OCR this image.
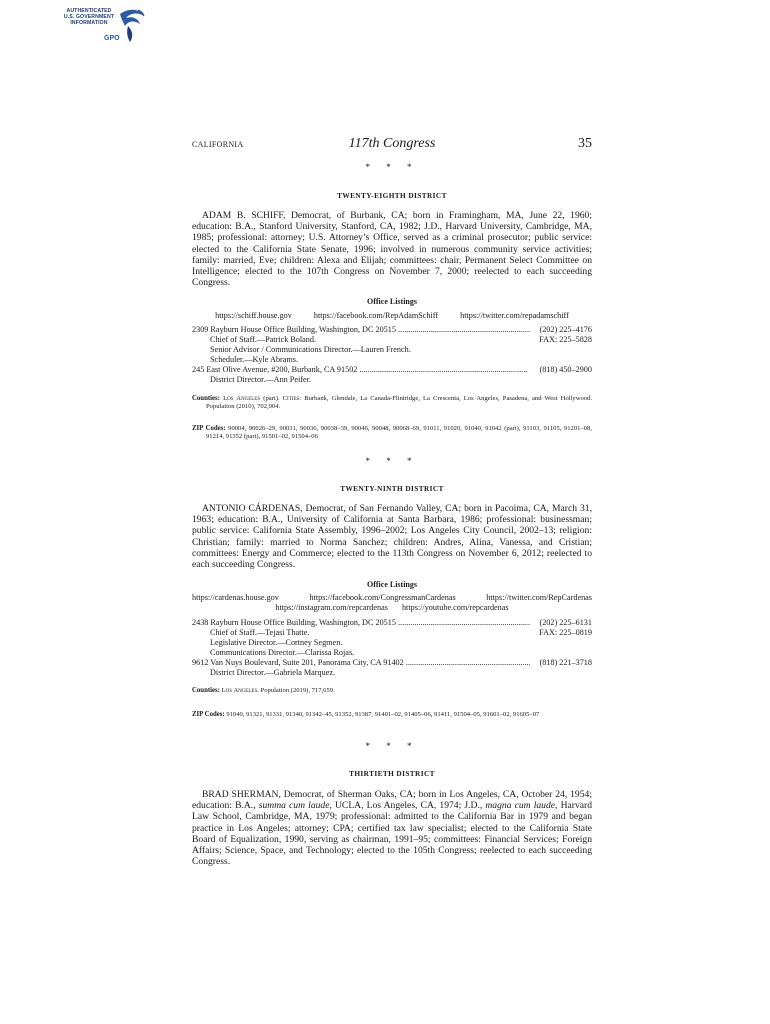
AUTHENTICATED
U.S. GOVERNMENT
INFORMATION
GPO
CALIFORNIA	117th Congress	35
* * *
TWENTY-EIGHTH DISTRICT

ADAM B. SCHIFF, Democrat, of Burbank, CA; born in Framingham, MA, June 22, 1960; education: B.A., Stanford University, Stanford, CA, 1982; J.D., Harvard University, Cambridge, MA, 1985; professional: attorney; U.S. Attorney’s Office, served as a criminal prosecutor; public service: elected to the California State Senate, 1996; involved in numerous community service activities; family: married, Eve; children: Alexa and Elijah; committees: chair, Permanent Select Committee on Intelligence; elected to the 107th Congress on November 7, 2000; reelected to each succeeding Congress.

Office Listings
https://schiff.house.gov	https://facebook.com/RepAdamSchiff	https://twitter.com/repadamschiff
2309 Rayburn House Office Building, Washington, DC 20515 .....	(202) 225–4176
Chief of Staff.—Patrick Boland.	FAX: 225–5828
Senior Advisor / Communications Director.—Lauren French.
Scheduler.—Kyle Abrams.
245 East Olive Avenue, #200, Burbank, CA 91502 .....	(818) 450–2900
District Director.—Ann Peifer.

Counties: Los Angeles (part). Cities: Burbank, Glendale, La Canada-Flintridge, La Crescenta, Los Angeles, Pasadena, and West Hollywood. Population (2010), 702,904.

ZIP Codes: 90004, 90026–29, 90031, 90036, 90038–39, 90046, 90048, 90068–69, 91011, 91020, 91040, 91042 (part), 91103, 91105, 91201–08, 91214, 91352 (part), 91501–02, 91504–06

* * *
TWENTY-NINTH DISTRICT

ANTONIO CÁRDENAS, Democrat, of San Fernando Valley, CA; born in Pacoima, CA, March 31, 1963; education: B.A., University of California at Santa Barbara, 1986; professional: businessman; public service: California State Assembly, 1996–2002; Los Angeles City Council, 2002–13; religion: Christian; family: married to Norma Sanchez; children: Andres, Alina, Vanessa, and Cristian; committees: Energy and Commerce; elected to the 113th Congress on November 6, 2012; reelected to each succeeding Congress.

Office Listings
https://cardenas.house.gov	https://facebook.com/CongressmanCardenas	https://twitter.com/RepCardenas
https://instagram.com/repcardenas https://youtube.com/repcardenas
2438 Rayburn House Office Building, Washington, DC 20515 .....	(202) 225–6131
Chief of Staff.—Tejasi Thatte.	FAX: 225–0819
Legislative Director.—Cortney Segmen.
Communications Director.—Clarissa Rojas.
9612 Van Nuys Boulevard, Suite 201, Panorama City, CA 91402 .....	(818) 221–3718
District Director.—Gabriela Marquez.

Counties: Los Angeles. Population (2019), 717,659.

ZIP Codes: 91040, 91321, 91331, 91340, 91342–45, 91352, 91387, 91401–02, 91405–06, 91411, 91504–05, 91601–02, 91605–07

* * *
THIRTIETH DISTRICT

BRAD SHERMAN, Democrat, of Sherman Oaks, CA; born in Los Angeles, CA, October 24, 1954; education: B.A., summa cum laude, UCLA, Los Angeles, CA, 1974; J.D., magna cum laude, Harvard Law School, Cambridge, MA, 1979; professional: admitted to the California Bar in 1979 and began practice in Los Angeles; attorney; CPA; certified tax law specialist; elected to the California State Board of Equalization, 1990, serving as chairman, 1991–95; committees: Financial Services; Foreign Affairs; Science, Space, and Technology; elected to the 105th Congress; reelected to each succeeding Congress.
